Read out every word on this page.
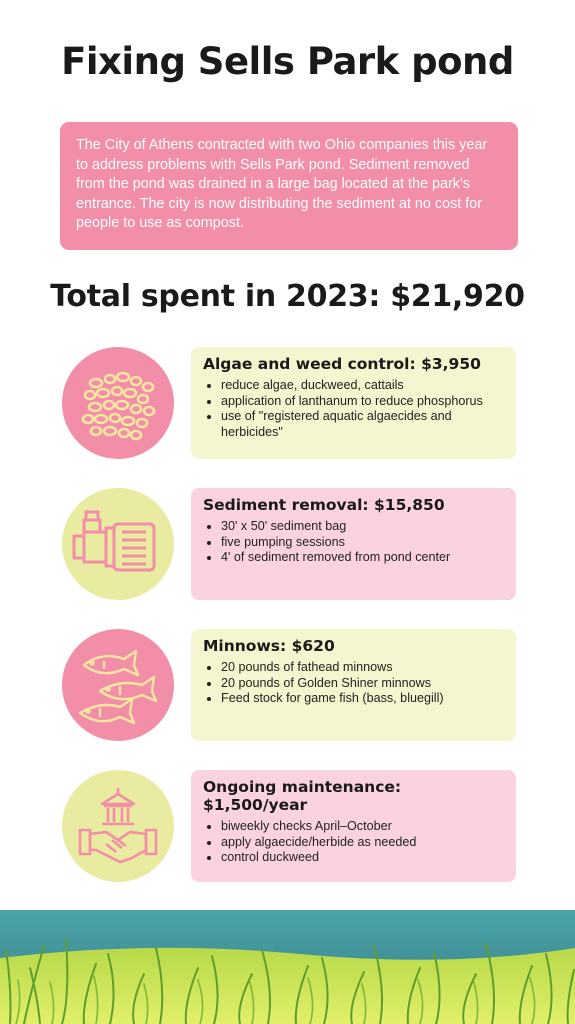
Fixing Sells Park pond
The City of Athens contracted with two Ohio companies this year to address problems with Sells Park pond. Sediment removed from the pond was drained in a large bag located at the park's entrance. The city is now distributing the sediment at no cost for people to use as compost.
Total spent in 2023: $21,920
Algae and weed control: $3,950
• reduce algae, duckweed, cattails
• application of lanthanum to reduce phosphorus
• use of "registered aquatic algaecides and herbicides"
Sediment removal: $15,850
• 30' x 50' sediment bag
• five pumping sessions
• 4' of sediment removed from pond center
Minnows: $620
• 20 pounds of fathead minnows
• 20 pounds of Golden Shiner minnows
• Feed stock for game fish (bass, bluegill)
Ongoing maintenance: $1,500/year
• biweekly checks April–October
• apply algaecide/herbide as needed
• control duckweed
